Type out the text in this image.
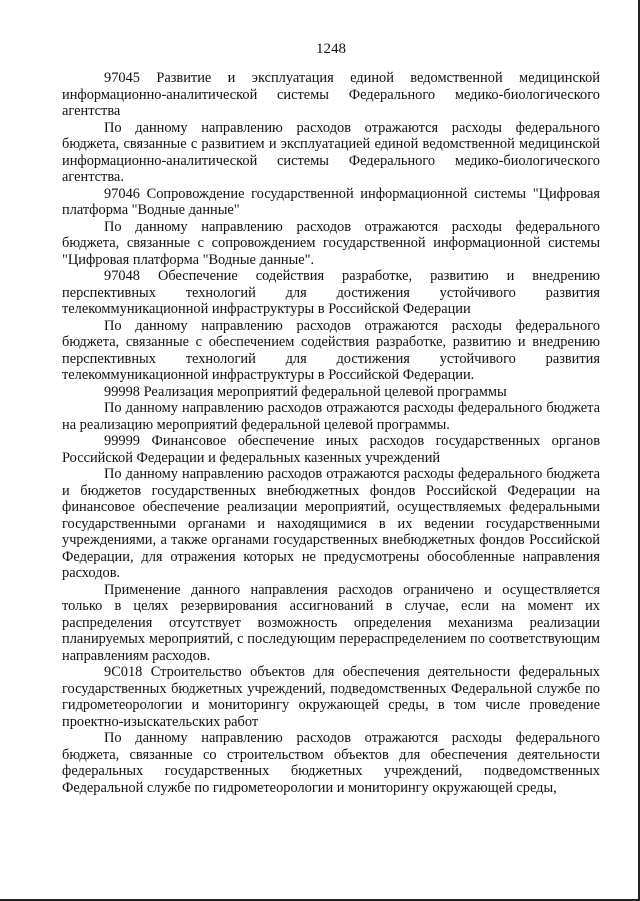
1248

97045 Развитие и эксплуатация единой ведомственной медицинской информационно-аналитической системы Федерального медико-биологического агентства

По данному направлению расходов отражаются расходы федерального бюджета, связанные с развитием и эксплуатацией единой ведомственной медицинской информационно-аналитической системы Федерального медико-биологического агентства.

97046 Сопровождение государственной информационной системы "Цифровая платформа "Водные данные"

По данному направлению расходов отражаются расходы федерального бюджета, связанные с сопровождением государственной информационной системы "Цифровая платформа "Водные данные".

97048 Обеспечение содействия разработке, развитию и внедрению перспективных технологий для достижения устойчивого развития телекоммуникационной инфраструктуры в Российской Федерации

По данному направлению расходов отражаются расходы федерального бюджета, связанные с обеспечением содействия разработке, развитию и внедрению перспективных технологий для достижения устойчивого развития телекоммуникационной инфраструктуры в Российской Федерации.

99998 Реализация мероприятий федеральной целевой программы

По данному направлению расходов отражаются расходы федерального бюджета на реализацию мероприятий федеральной целевой программы.

99999 Финансовое обеспечение иных расходов государственных органов Российской Федерации и федеральных казенных учреждений

По данному направлению расходов отражаются расходы федерального бюджета и бюджетов государственных внебюджетных фондов Российской Федерации на финансовое обеспечение реализации мероприятий, осуществляемых федеральными государственными органами и находящимися в их ведении государственными учреждениями, а также органами государственных внебюджетных фондов Российской Федерации, для отражения которых не предусмотрены обособленные направления расходов.

Применение данного направления расходов ограничено и осуществляется только в целях резервирования ассигнований в случае, если на момент их распределения отсутствует возможность определения механизма реализации планируемых мероприятий, с последующим перераспределением по соответствующим направлениям расходов.

9С018 Строительство объектов для обеспечения деятельности федеральных государственных бюджетных учреждений, подведомственных Федеральной службе по гидрометеорологии и мониторингу окружающей среды, в том числе проведение проектно-изыскательских работ

По данному направлению расходов отражаются расходы федерального бюджета, связанные со строительством объектов для обеспечения деятельности федеральных государственных бюджетных учреждений, подведомственных Федеральной службе по гидрометеорологии и мониторингу окружающей среды,
